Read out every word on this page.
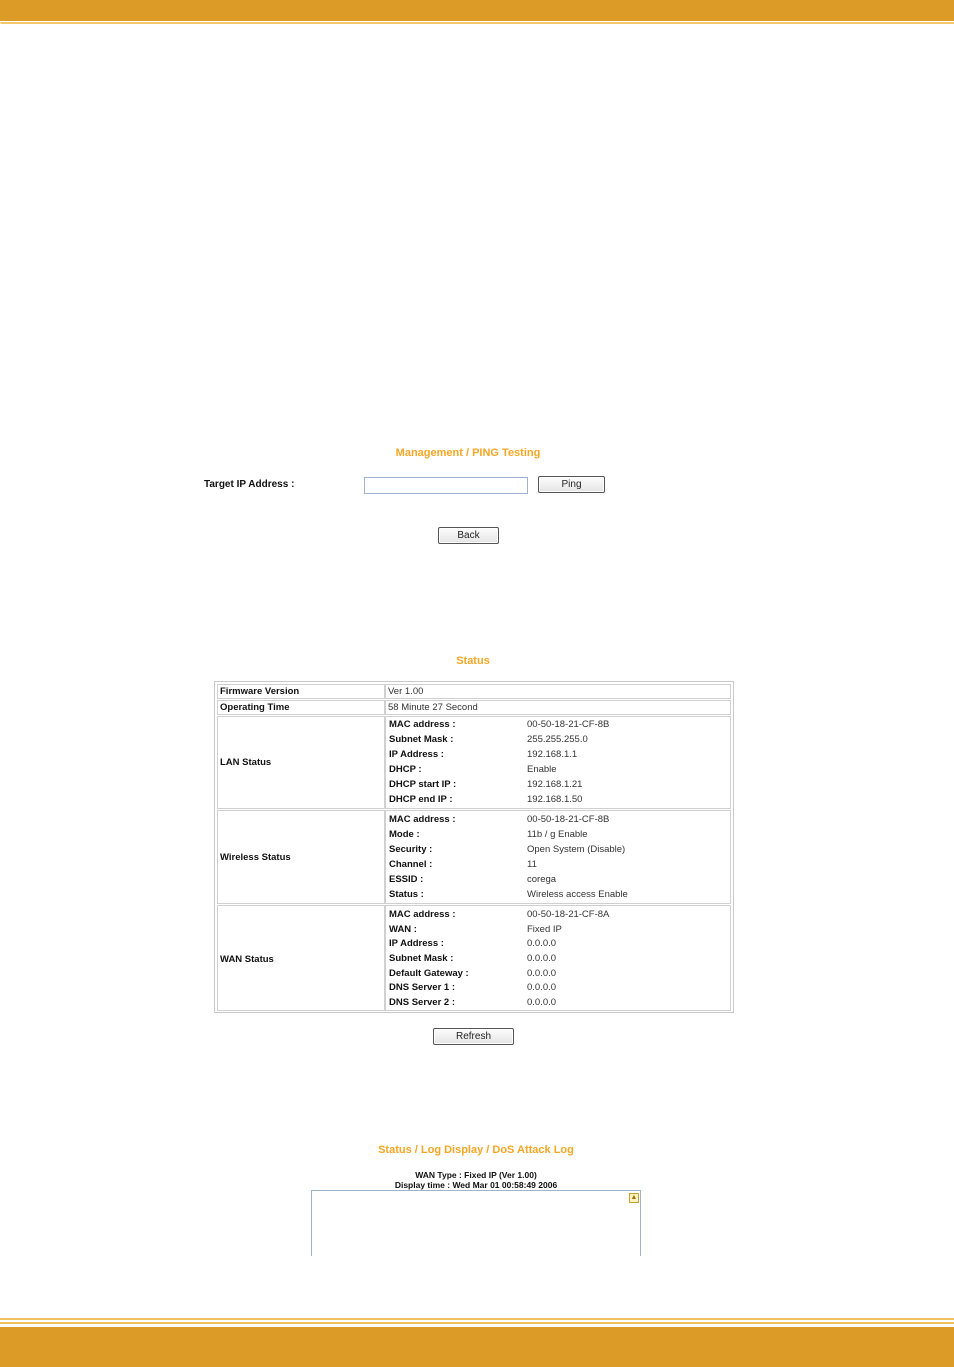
Management / PING Testing
Target IP Address :	Ping
Back
Status
Firmware Version	Ver 1.00
Operating Time	58 Minute 27 Second
LAN Status
MAC address :	00-50-18-21-CF-8B
Subnet Mask :	255.255.255.0
IP Address :	192.168.1.1
DHCP :	Enable
DHCP start IP :	192.168.1.21
DHCP end IP :	192.168.1.50
Wireless Status
MAC address :	00-50-18-21-CF-8B
Mode :	11b / g Enable
Security :	Open System (Disable)
Channel :	11
ESSID :	corega
Status :	Wireless access Enable
WAN Status
MAC address :	00-50-18-21-CF-8A
WAN :	Fixed IP
IP Address :	0.0.0.0
Subnet Mask :	0.0.0.0
Default Gateway :	0.0.0.0
DNS Server 1 :	0.0.0.0
DNS Server 2 :	0.0.0.0
Refresh
Status / Log Display / DoS Attack Log
WAN Type : Fixed IP (Ver 1.00)
Display time : Wed Mar 01 00:58:49 2006
▲
